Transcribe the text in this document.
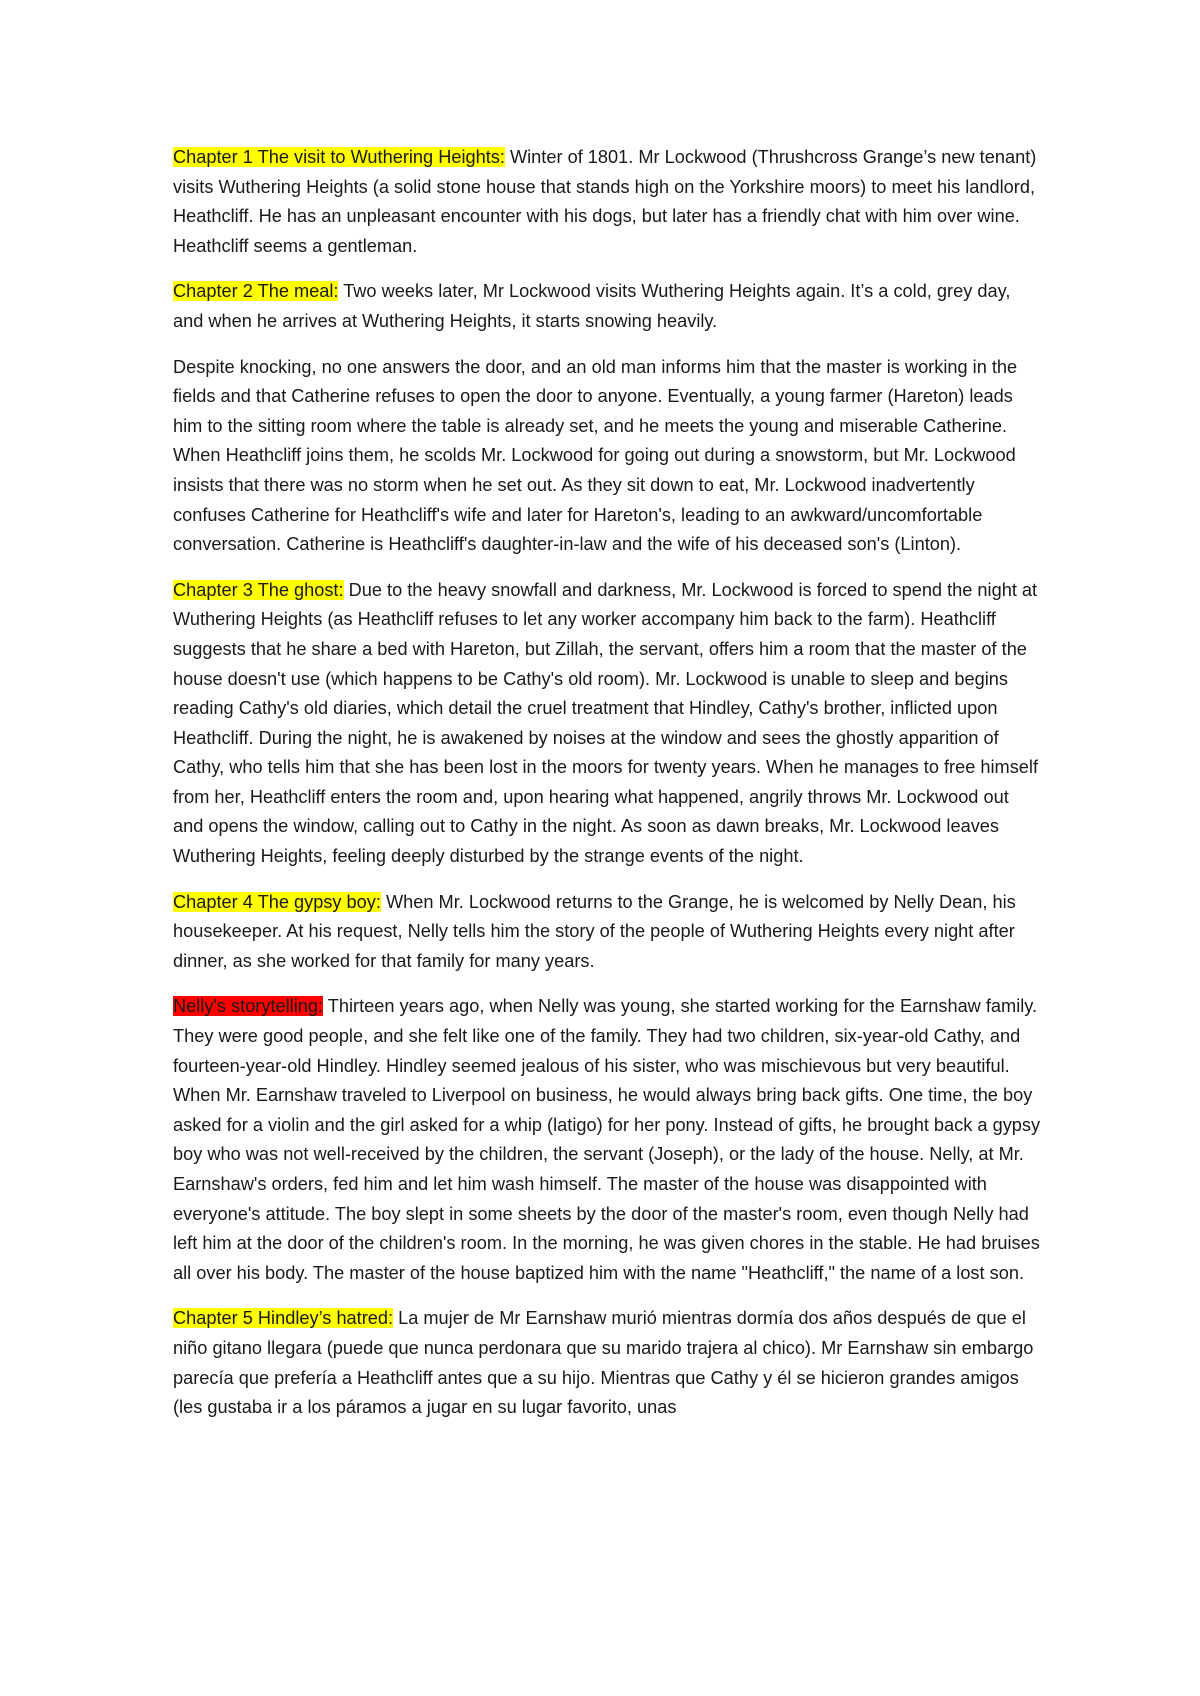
Chapter 1 The visit to Wuthering Heights: Winter of 1801. Mr Lockwood (Thrushcross Grange’s new tenant) visits Wuthering Heights (a solid stone house that stands high on the Yorkshire moors) to meet his landlord, Heathcliff. He has an unpleasant encounter with his dogs, but later has a friendly chat with him over wine. Heathcliff seems a gentleman.

Chapter 2 The meal: Two weeks later, Mr Lockwood visits Wuthering Heights again. It’s a cold, grey day, and when he arrives at Wuthering Heights, it starts snowing heavily.

Despite knocking, no one answers the door, and an old man informs him that the master is working in the fields and that Catherine refuses to open the door to anyone. Eventually, a young farmer (Hareton) leads him to the sitting room where the table is already set, and he meets the young and miserable Catherine. When Heathcliff joins them, he scolds Mr. Lockwood for going out during a snowstorm, but Mr. Lockwood insists that there was no storm when he set out. As they sit down to eat, Mr. Lockwood inadvertently confuses Catherine for Heathcliff's wife and later for Hareton's, leading to an awkward/uncomfortable conversation. Catherine is Heathcliff's daughter-in-law and the wife of his deceased son's (Linton).

Chapter 3 The ghost: Due to the heavy snowfall and darkness, Mr. Lockwood is forced to spend the night at Wuthering Heights (as Heathcliff refuses to let any worker accompany him back to the farm). Heathcliff suggests that he share a bed with Hareton, but Zillah, the servant, offers him a room that the master of the house doesn't use (which happens to be Cathy's old room). Mr. Lockwood is unable to sleep and begins reading Cathy's old diaries, which detail the cruel treatment that Hindley, Cathy's brother, inflicted upon Heathcliff. During the night, he is awakened by noises at the window and sees the ghostly apparition of Cathy, who tells him that she has been lost in the moors for twenty years. When he manages to free himself from her, Heathcliff enters the room and, upon hearing what happened, angrily throws Mr. Lockwood out and opens the window, calling out to Cathy in the night. As soon as dawn breaks, Mr. Lockwood leaves Wuthering Heights, feeling deeply disturbed by the strange events of the night.

Chapter 4 The gypsy boy: When Mr. Lockwood returns to the Grange, he is welcomed by Nelly Dean, his housekeeper. At his request, Nelly tells him the story of the people of Wuthering Heights every night after dinner, as she worked for that family for many years.

Nelly's storytelling: Thirteen years ago, when Nelly was young, she started working for the Earnshaw family. They were good people, and she felt like one of the family. They had two children, six-year-old Cathy, and fourteen-year-old Hindley. Hindley seemed jealous of his sister, who was mischievous but very beautiful. When Mr. Earnshaw traveled to Liverpool on business, he would always bring back gifts. One time, the boy asked for a violin and the girl asked for a whip (latigo) for her pony. Instead of gifts, he brought back a gypsy boy who was not well-received by the children, the servant (Joseph), or the lady of the house. Nelly, at Mr. Earnshaw's orders, fed him and let him wash himself. The master of the house was disappointed with everyone's attitude. The boy slept in some sheets by the door of the master's room, even though Nelly had left him at the door of the children's room. In the morning, he was given chores in the stable. He had bruises all over his body. The master of the house baptized him with the name "Heathcliff," the name of a lost son.

Chapter 5 Hindley’s hatred: La mujer de Mr Earnshaw murió mientras dormía dos años después de que el niño gitano llegara (puede que nunca perdonara que su marido trajera al chico). Mr Earnshaw sin embargo parecía que prefería a Heathcliff antes que a su hijo. Mientras que Cathy y él se hicieron grandes amigos (les gustaba ir a los páramos a jugar en su lugar favorito, unas
